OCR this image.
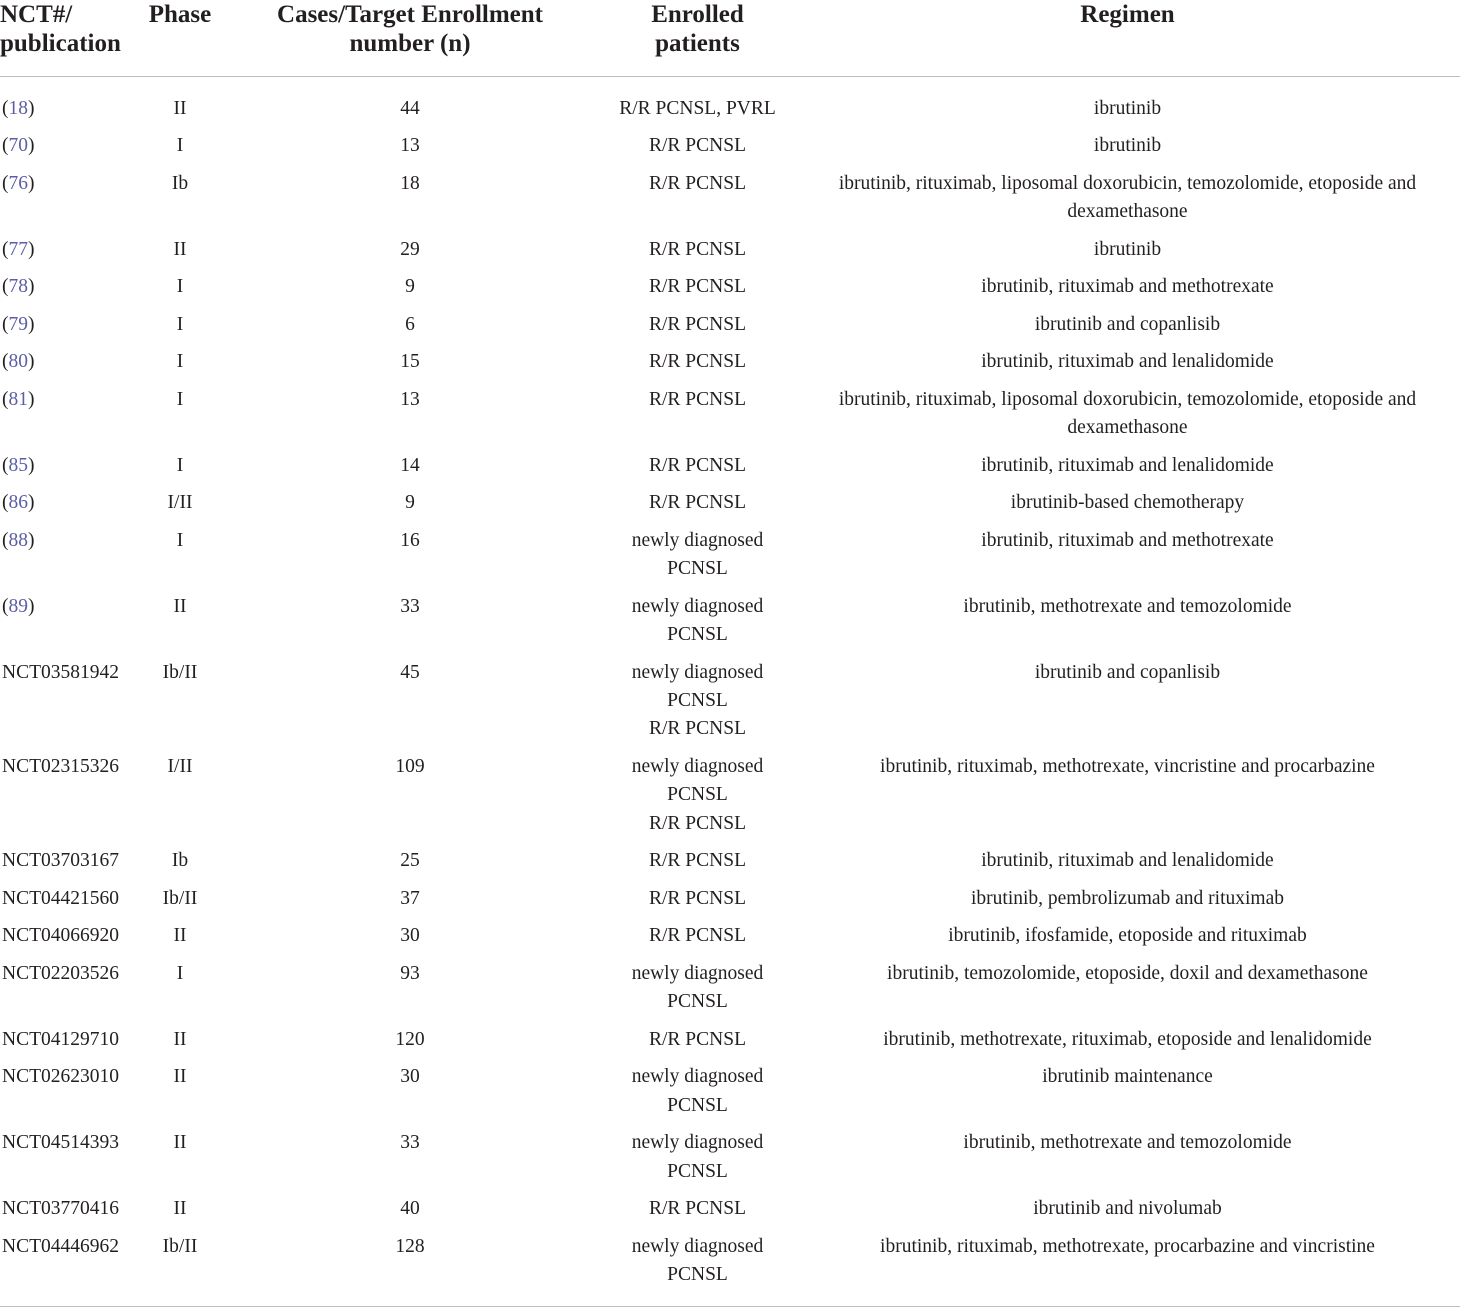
NCT#/
publication	Phase	Cases/Target Enrollment
number (n)	Enrolled
patients	Regimen

(18)	II	44	R/R PCNSL, PVRL	ibrutinib

(70)	I	13	R/R PCNSL	ibrutinib

(76)	Ib	18	R/R PCNSL	ibrutinib, rituximab, liposomal doxorubicin, temozolomide, etoposide and
dexamethasone

(77)	II	29	R/R PCNSL	ibrutinib

(78)	I	9	R/R PCNSL	ibrutinib, rituximab and methotrexate

(79)	I	6	R/R PCNSL	ibrutinib and copanlisib

(80)	I	15	R/R PCNSL	ibrutinib, rituximab and lenalidomide

(81)	I	13	R/R PCNSL	ibrutinib, rituximab, liposomal doxorubicin, temozolomide, etoposide and
dexamethasone

(85)	I	14	R/R PCNSL	ibrutinib, rituximab and lenalidomide

(86)	I/II	9	R/R PCNSL	ibrutinib-based chemotherapy

(88)	I	16	newly diagnosed
PCNSL	ibrutinib, rituximab and methotrexate

(89)	II	33	newly diagnosed
PCNSL	ibrutinib, methotrexate and temozolomide

NCT03581942	Ib/II	45	newly diagnosed
PCNSL
R/R PCNSL	ibrutinib and copanlisib

NCT02315326	I/II	109	newly diagnosed
PCNSL
R/R PCNSL	ibrutinib, rituximab, methotrexate, vincristine and procarbazine

NCT03703167	Ib	25	R/R PCNSL	ibrutinib, rituximab and lenalidomide

NCT04421560	Ib/II	37	R/R PCNSL	ibrutinib, pembrolizumab and rituximab

NCT04066920	II	30	R/R PCNSL	ibrutinib, ifosfamide, etoposide and rituximab

NCT02203526	I	93	newly diagnosed
PCNSL	ibrutinib, temozolomide, etoposide, doxil and dexamethasone

NCT04129710	II	120	R/R PCNSL	ibrutinib, methotrexate, rituximab, etoposide and lenalidomide

NCT02623010	II	30	newly diagnosed
PCNSL	ibrutinib maintenance

NCT04514393	II	33	newly diagnosed
PCNSL	ibrutinib, methotrexate and temozolomide

NCT03770416	II	40	R/R PCNSL	ibrutinib and nivolumab

NCT04446962	Ib/II	128	newly diagnosed
PCNSL	ibrutinib, rituximab, methotrexate, procarbazine and vincristine
